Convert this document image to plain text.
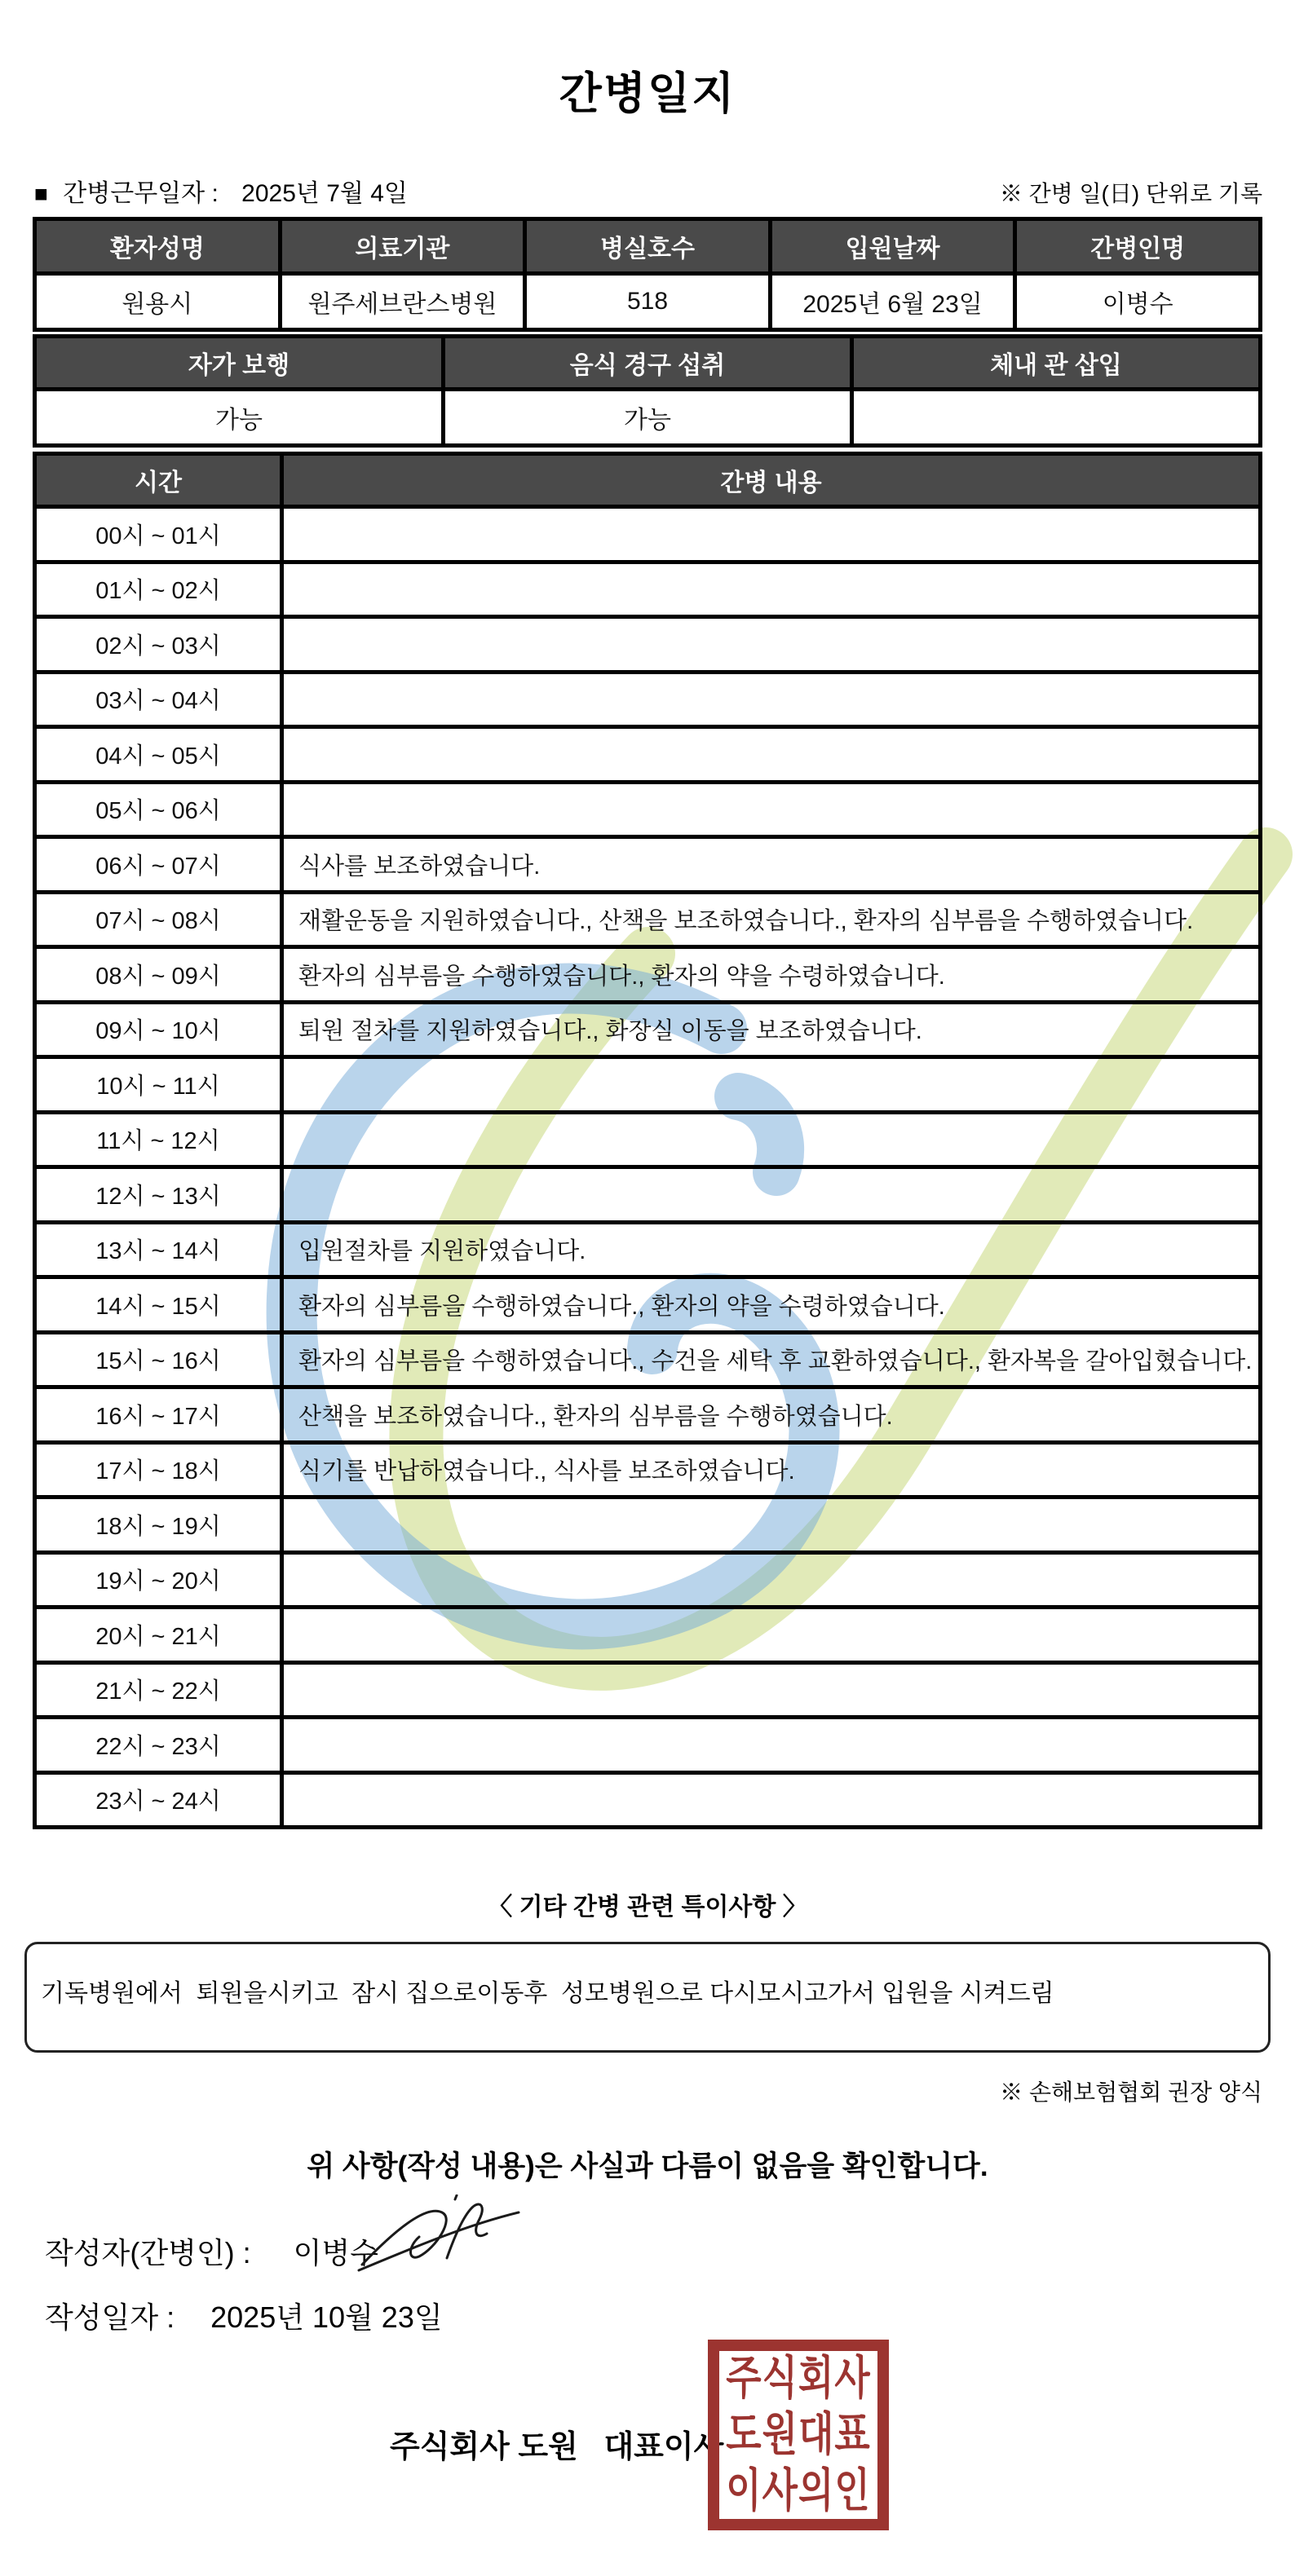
간병일지
■ 간병근무일자 : 2025년 7월 4일	※ 간병 일(日) 단위로 기록
환자성명	의료기관	병실호수	입원날짜	간병인명
원용시	원주세브란스병원	518	2025년 6월 23일	이병수
자가 보행	음식 경구 섭취	체내 관 삽입
가능	가능	
시간	간병 내용
00시 ~ 01시	
01시 ~ 02시	
02시 ~ 03시	
03시 ~ 04시	
04시 ~ 05시	
05시 ~ 06시	
06시 ~ 07시	식사를 보조하였습니다.
07시 ~ 08시	재활운동을 지원하였습니다., 산책을 보조하였습니다., 환자의 심부름을 수행하였습니다.
08시 ~ 09시	환자의 심부름을 수행하였습니다., 환자의 약을 수령하였습니다.
09시 ~ 10시	퇴원 절차를 지원하였습니다., 화장실 이동을 보조하였습니다.
10시 ~ 11시	
11시 ~ 12시	
12시 ~ 13시	
13시 ~ 14시	입원절차를 지원하였습니다.
14시 ~ 15시	환자의 심부름을 수행하였습니다., 환자의 약을 수령하였습니다.
15시 ~ 16시	환자의 심부름을 수행하였습니다., 수건을 세탁 후 교환하였습니다., 환자복을 갈아입혔습니다.
16시 ~ 17시	산책을 보조하였습니다., 환자의 심부름을 수행하였습니다.
17시 ~ 18시	식기를 반납하였습니다., 식사를 보조하였습니다.
18시 ~ 19시	
19시 ~ 20시	
20시 ~ 21시	
21시 ~ 22시	
22시 ~ 23시	
23시 ~ 24시	
〈 기타 간병 관련 특이사항 〉
기독병원에서  퇴원을시키고  잠시 집으로이동후  성모병원으로 다시모시고가서 입원을 시켜드림
※ 손해보험협회 권장 양식
위 사항(작성 내용)은 사실과 다름이 없음을 확인합니다.
작성자(간병인) : 이병수
작성일자 : 2025년 10월 23일
주식회사 도원   대표이사
주식회사
도원대표
이사의인
